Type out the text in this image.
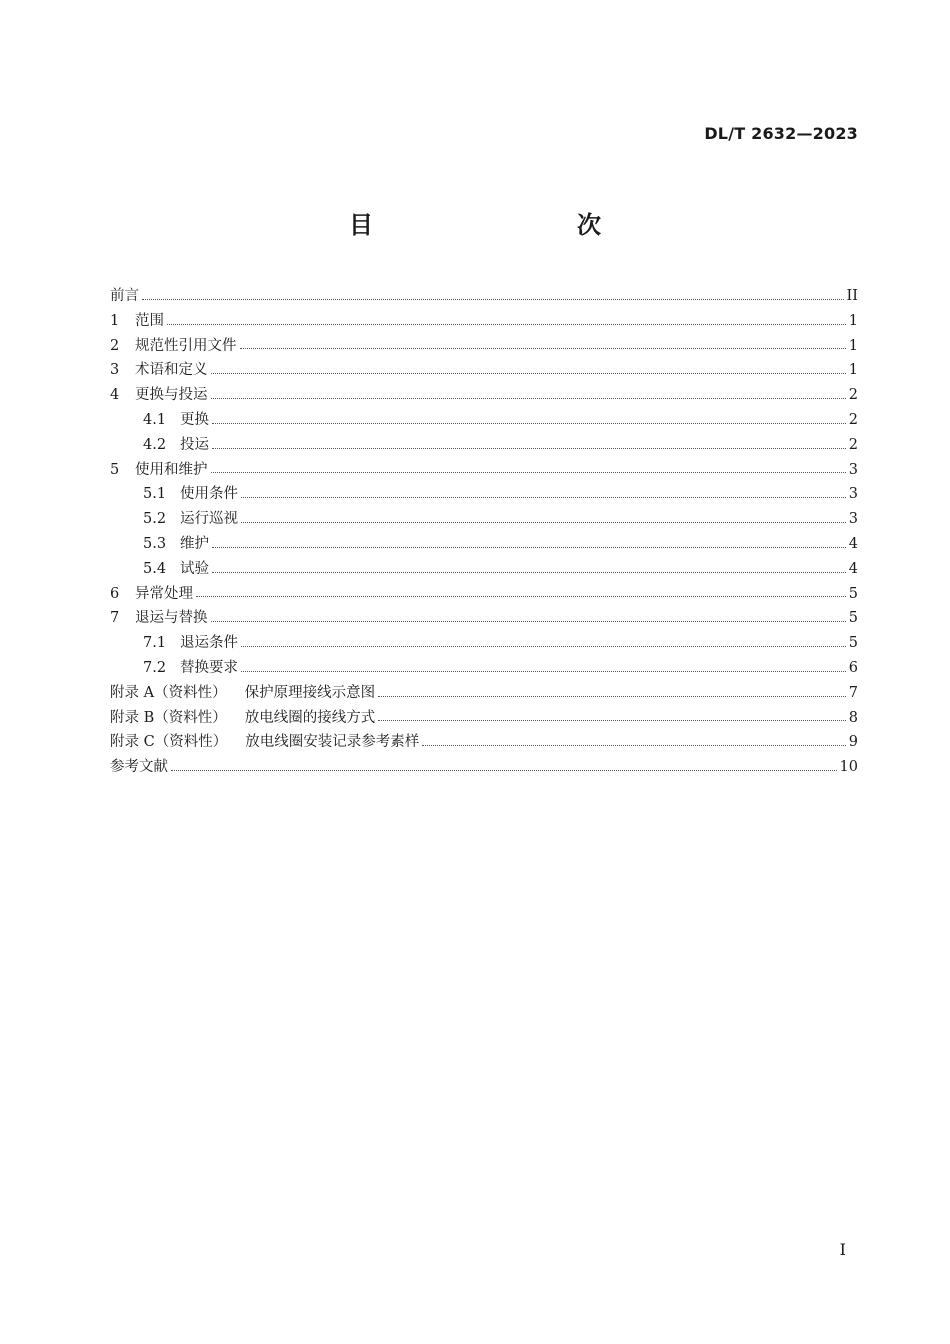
DL/T 2632—2023
目　　次
前言	II
1	范围	1
2	规范性引用文件	1
3	术语和定义	1
4	更换与投运	2
4.1 更换	2
4.2 投运	2
5	使用和维护	3
5.1 使用条件	3
5.2 运行巡视	3
5.3 维护	4
5.4 试验	4
6	异常处理	5
7	退运与替换	5
7.1 退运条件	5
7.2 替换要求	6
附录 A（资料性） 保护原理接线示意图	7
附录 B（资料性） 放电线圈的接线方式	8
附录 C（资料性） 放电线圈安装记录参考素样	9
参考文献	10
I
